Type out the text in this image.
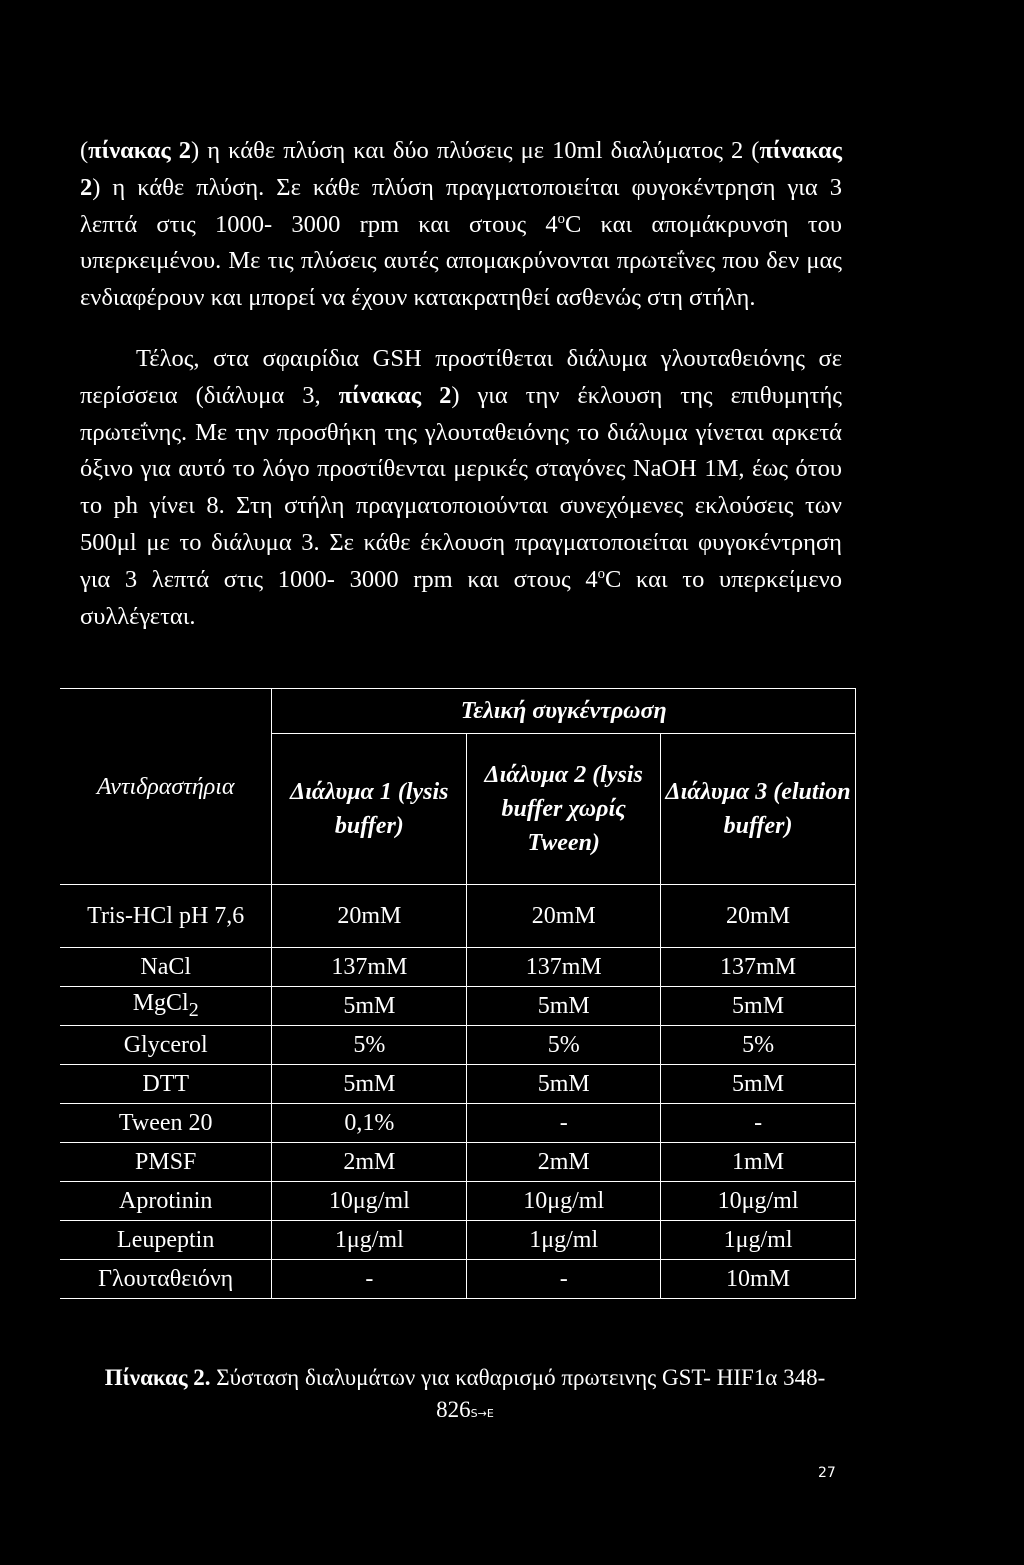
(πίνακας 2) η κάθε πλύση και δύο πλύσεις με 10ml διαλύματος 2 (πίνακας 2) η κάθε πλύση. Σε κάθε πλύση πραγματοποιείται φυγοκέντρηση για 3 λεπτά στις 1000- 3000 rpm και στους 4$^o$C και απομάκρυνση του υπερκειμένου. Με τις πλύσεις αυτές απομακρύνονται πρωτεΐνες που δεν μας ενδιαφέρουν και μπορεί να έχουν κατακρατηθεί ασθενώς στη στήλη.

Τέλος, στα σφαιρίδια GSH προστίθεται διάλυμα γλουταθειόνης σε περίσσεια (διάλυμα 3, πίνακας 2) για την έκλουση της επιθυμητής πρωτεΐνης. Με την προσθήκη της γλουταθειόνης το διάλυμα γίνεται αρκετά όξινο για αυτό το λόγο προστίθενται μερικές σταγόνες NaOH 1M, έως ότου το ph γίνει 8. Στη στήλη πραγματοποιούνται συνεχόμενες εκλούσεις των 500μl με το διάλυμα 3. Σε κάθε έκλουση πραγματοποιείται φυγοκέντρηση για 3 λεπτά στις 1000- 3000 rpm και στους 4$^o$C και το υπερκείμενο συλλέγεται.

Αντιδραστήρια	Τελική συγκέντρωση		
	Διάλυμα 1 (lysis buffer)	Διάλυμα 2 (lysis buffer χωρίς Tween)	Διάλυμα 3 (elution buffer)
Tris-HCl pH 7,6	20mM	20mM	20mM
NaCl	137mM	137mM	137mM
MgCl$_2$	5mM	5mM	5mM
Glycerol	5%	5%	5%
DTT	5mM	5mM	5mM
Tween 20	0,1%	-	-
PMSF	2mM	2mM	1mM
Aprotinin	10μg/ml	10μg/ml	10μg/ml
Leupeptin	1μg/ml	1μg/ml	1μg/ml
Γλουταθειόνη	-	-	10mM

Πίνακας 2. Σύσταση διαλυμάτων για καθαρισμό πρωτεινης GST- HIF1α 348-826S→E

27
